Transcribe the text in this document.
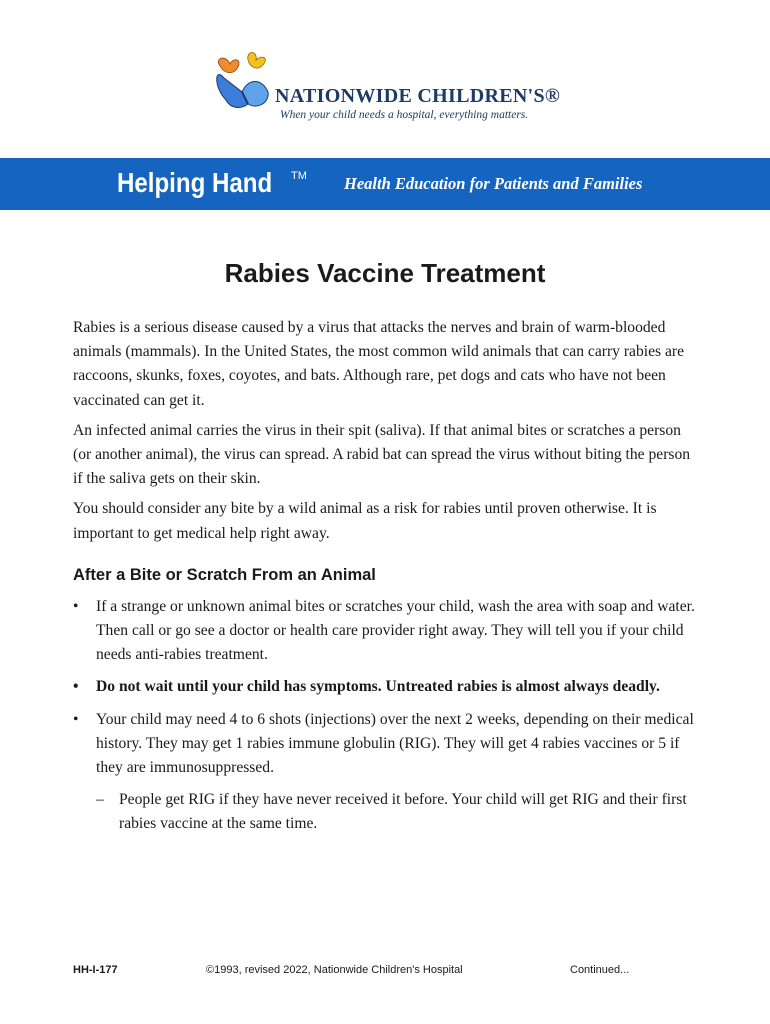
NATIONWIDE CHILDREN'S®
When your child needs a hospital, everything matters.
Helping Hand TM Health Education for Patients and Families
Rabies Vaccine Treatment

Rabies is a serious disease caused by a virus that attacks the nerves and brain of warm-blooded animals (mammals). In the United States, the most common wild animals that can carry rabies are raccoons, skunks, foxes, coyotes, and bats. Although rare, pet dogs and cats who have not been vaccinated can get it.

An infected animal carries the virus in their spit (saliva). If that animal bites or scratches a person (or another animal), the virus can spread. A rabid bat can spread the virus without biting the person if the saliva gets on their skin.

You should consider any bite by a wild animal as a risk for rabies until proven otherwise. It is important to get medical help right away.

After a Bite or Scratch From an Animal
• If a strange or unknown animal bites or scratches your child, wash the area with soap and water. Then call or go see a doctor or health care provider right away. They will tell you if your child needs anti-rabies treatment.
• Do not wait until your child has symptoms. Untreated rabies is almost always deadly.
• Your child may need 4 to 6 shots (injections) over the next 2 weeks, depending on their medical history. They may get 1 rabies immune globulin (RIG). They will get 4 rabies vaccines or 5 if they are immunosuppressed.
– People get RIG if they have never received it before. Your child will get RIG and their first rabies vaccine at the same time.
HH-I-177	©1993, revised 2022, Nationwide Children's Hospital	Continued...
